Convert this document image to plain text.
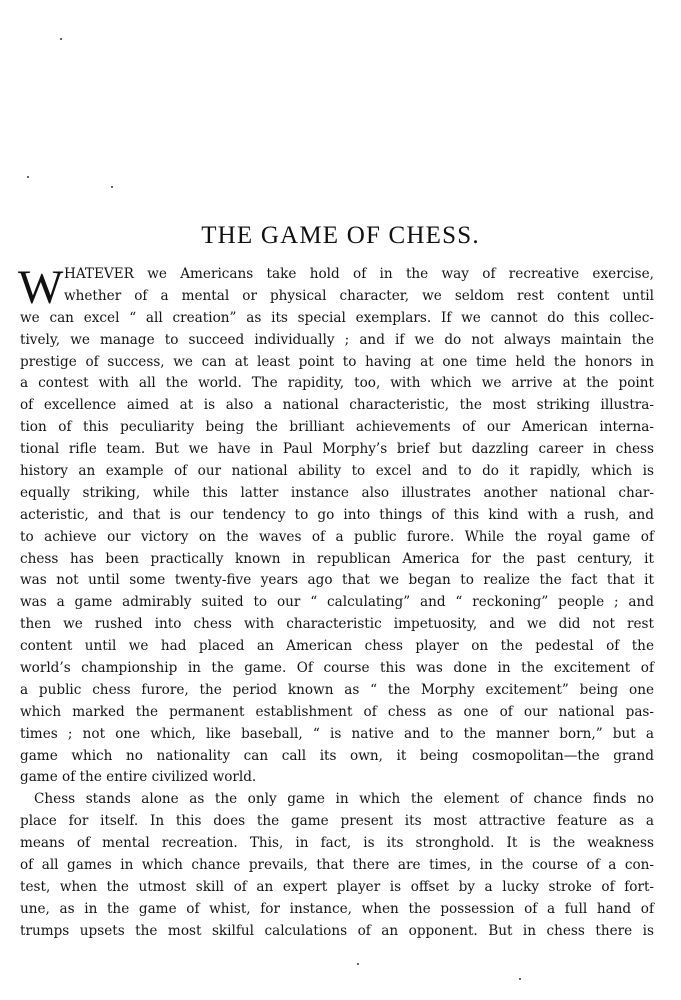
THE GAME OF CHESS.
W HATEVER we Americans take hold of in the way of recreative exercise,
whether of a mental or physical character, we seldom rest content until
we can excel “ all creation” as its special exemplars. If we cannot do this collec-
tively, we manage to succeed individually ; and if we do not always maintain the
prestige of success, we can at least point to having at one time held the honors in
a contest with all the world. The rapidity, too, with which we arrive at the point
of excellence aimed at is also a national characteristic, the most striking illustra-
tion of this peculiarity being the brilliant achievements of our American interna-
tional rifle team. But we have in Paul Morphy’s brief but dazzling career in chess
history an example of our national ability to excel and to do it rapidly, which is
equally striking, while this latter instance also illustrates another national char-
acteristic, and that is our tendency to go into things of this kind with a rush, and
to achieve our victory on the waves of a public furore. While the royal game of
chess has been practically known in republican America for the past century, it
was not until some twenty-five years ago that we began to realize the fact that it
was a game admirably suited to our “ calculating” and “ reckoning” people ; and
then we rushed into chess with characteristic impetuosity, and we did not rest
content until we had placed an American chess player on the pedestal of the
world’s championship in the game. Of course this was done in the excitement of
a public chess furore, the period known as “ the Morphy excitement” being one
which marked the permanent establishment of chess as one of our national pas-
times ; not one which, like baseball, “ is native and to the manner born,” but a
game which no nationality can call its own, it being cosmopolitan—the grand
game of the entire civilized world.
Chess stands alone as the only game in which the element of chance finds no
place for itself. In this does the game present its most attractive feature as a
means of mental recreation. This, in fact, is its stronghold. It is the weakness
of all games in which chance prevails, that there are times, in the course of a con-
test, when the utmost skill of an expert player is offset by a lucky stroke of fort-
une, as in the game of whist, for instance, when the possession of a full hand of
trumps upsets the most skilful calculations of an opponent. But in chess there is
